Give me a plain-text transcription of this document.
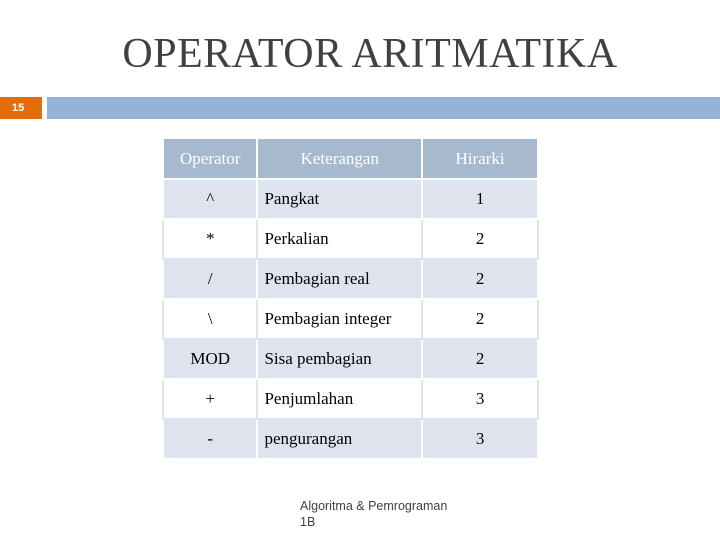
OPERATOR ARITMATIKA
15
Operator	Keterangan	Hirarki
^	Pangkat	1
*	Perkalian	2
/	Pembagian real	2
\	Pembagian integer	2
MOD	Sisa pembagian	2
+	Penjumlahan	3
-	pengurangan	3
Algoritma & Pemrograman
1B
